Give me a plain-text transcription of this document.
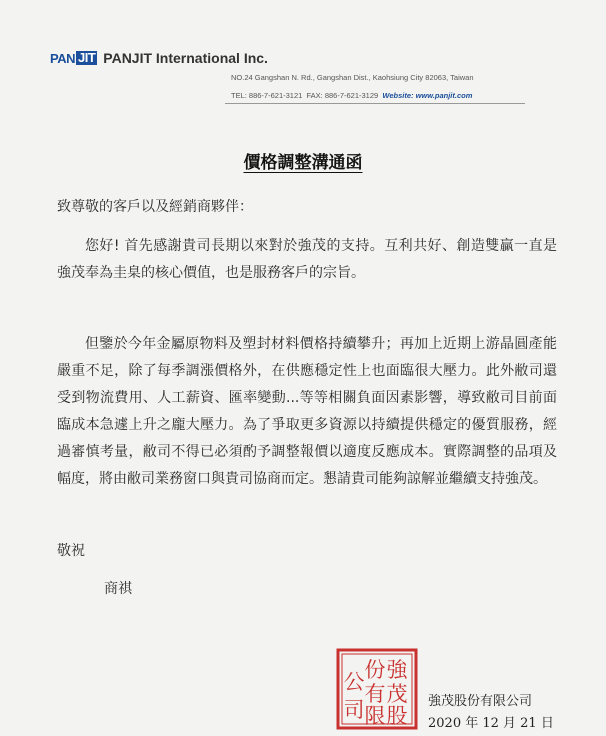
PAN JIT PANJIT International Inc.
NO.24 Gangshan N. Rd., Gangshan Dist., Kaohsiung City 82063, Taiwan
TEL: 886-7-621-3121 FAX: 886-7-621-3129 Website: www.panjit.com
價格調整溝通函
致尊敬的客戶以及經銷商夥伴：
您好! 首先感謝貴司長期以來對於強茂的支持。互利共好、創造雙贏一直是強茂奉為圭臬的核心價值，也是服務客戶的宗旨。
但鑒於今年金屬原物料及塑封材料價格持續攀升；再加上近期上游晶圓產能嚴重不足，除了每季調漲價格外，在供應穩定性上也面臨很大壓力。此外敝司還受到物流費用、人工薪資、匯率變動...等等相關負面因素影響，導致敝司目前面臨成本急遽上升之龐大壓力。為了爭取更多資源以持續提供穩定的優質服務，經過審慎考量，敝司不得已必須酌予調整報價以適度反應成本。實際調整的品項及幅度，將由敝司業務窗口與貴司協商而定。懇請貴司能夠諒解並繼續支持強茂。
敬祝
商祺
強
茂
股
份
有
限
公
司	強茂股份有限公司
2020 年 12 月 21 日
